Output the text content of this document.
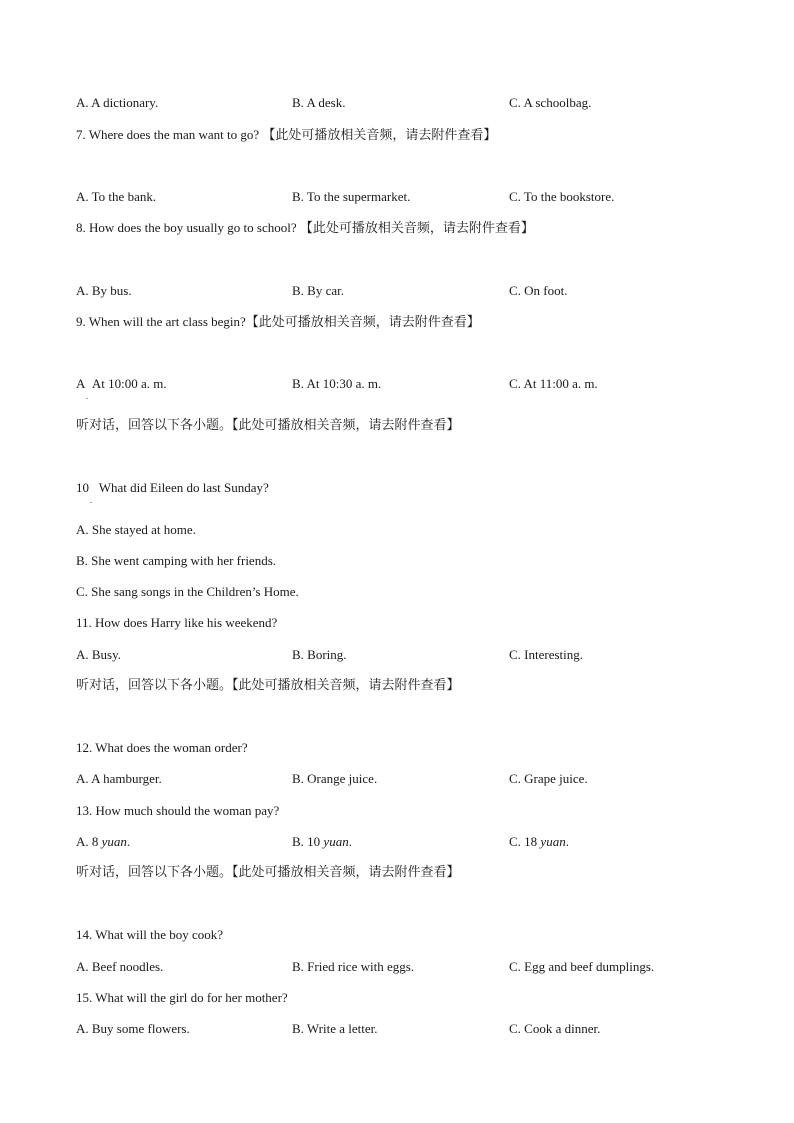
A. A dictionary.	B. A desk.	C. A schoolbag.
7. Where does the man want to go? 【此处可播放相关音频，请去附件查看】
A. To the bank.	B. To the supermarket.	C. To the bookstore.
8. How does the boy usually go to school? 【此处可播放相关音频，请去附件查看】
A. By bus.	B. By car.	C. On foot.
9. When will the art class begin?【此处可播放相关音频，请去附件查看】
A At 10:00 a. m.
.
B. At 10:30 a. m.	C. At 11:00 a. m.
听对话，回答以下各小题。【此处可播放相关音频，请去附件查看】
10 What did Eileen do last Sunday?
.
A. She stayed at home.
B. She went camping with her friends.
C. She sang songs in the Children’s Home.
11. How does Harry like his weekend?
A. Busy.	B. Boring.	C. Interesting.
听对话，回答以下各小题。【此处可播放相关音频，请去附件查看】
12. What does the woman order?
A. A hamburger.	B. Orange juice.	C. Grape juice.
13. How much should the woman pay?
A. 8 yuan.	B. 10 yuan.	C. 18 yuan.
听对话，回答以下各小题。【此处可播放相关音频，请去附件查看】
14. What will the boy cook?
A. Beef noodles.	B. Fried rice with eggs.	C. Egg and beef dumplings.
15. What will the girl do for her mother?
A. Buy some flowers.	B. Write a letter.	C. Cook a dinner.
